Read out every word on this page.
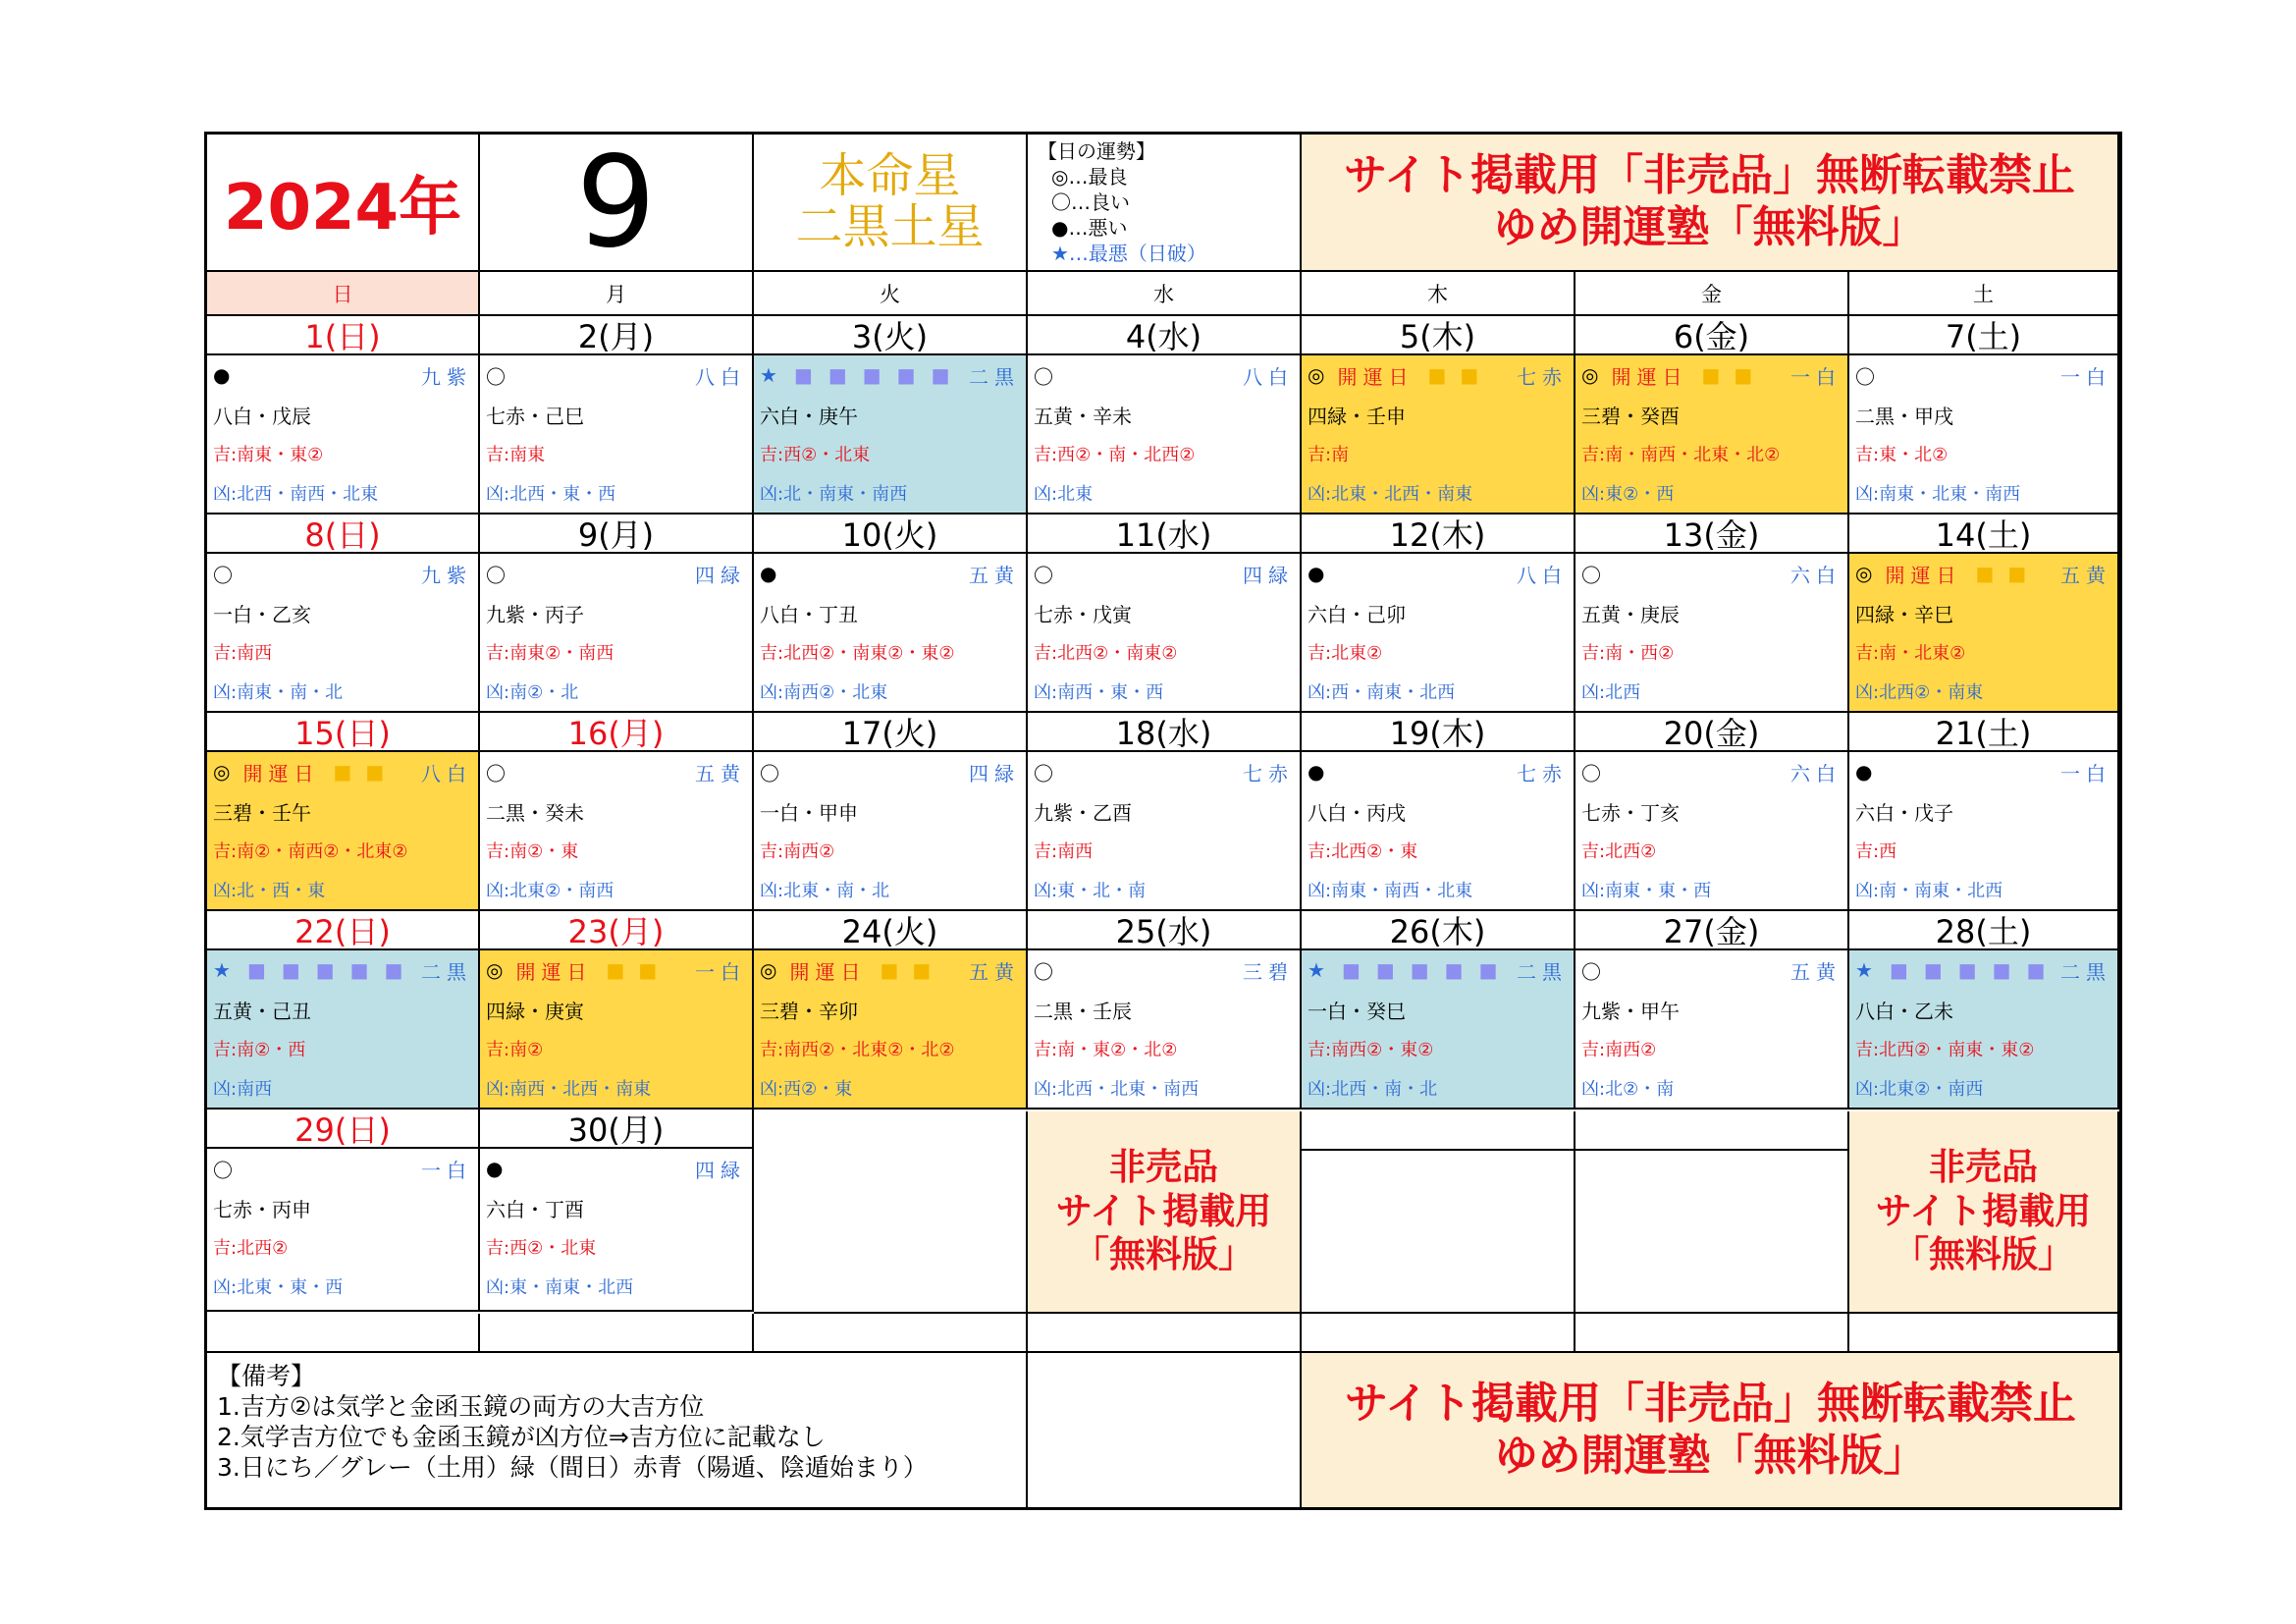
2024年 9	本命星
二黒土星
【日の運勢】
◎…最良
〇…良い
●…悪い
★…最悪（日破）
サイト掲載用「非売品」無断転載禁止
ゆめ開運塾「無料版」
日	月	火	水	木	金	土
1(日)	2(月)	3(火)	4(水)	5(木)	6(金)	7(土)
●	九紫
八白・戊辰
吉:南東・東②
凶:北西・南西・北東
〇	八白
七赤・己巳
吉:南東
凶:北西・東・西
★ ■ ■ ■ ■ ■ 二黒
六白・庚午
吉:西②・北東
凶:北・南東・南西
〇	八白
五黄・辛未
吉:西②・南・北西②
凶:北東
◎ 開運日 ■ ■ 七赤
四緑・壬申
吉:南
凶:北東・北西・南東
◎ 開運日 ■ ■ 一白
三碧・癸酉
吉:南・南西・北東・北②
凶:東②・西
〇	一白
二黒・甲戌
吉:東・北②
凶:南東・北東・南西
8(日)	9(月)	10(火)	11(水)	12(木)	13(金)	14(土)
〇	九紫
一白・乙亥
吉:南西
凶:南東・南・北
〇	四緑
九紫・丙子
吉:南東②・南西
凶:南②・北
●	五黄
八白・丁丑
吉:北西②・南東②・東②
凶:南西②・北東
〇	四緑
七赤・戊寅
吉:北西②・南東②
凶:南西・東・西
●	八白
六白・己卯
吉:北東②
凶:西・南東・北西
〇	六白
五黄・庚辰
吉:南・西②
凶:北西
◎ 開運日 ■ ■ 五黄
四緑・辛巳
吉:南・北東②
凶:北西②・南東
15(日)	16(月)	17(火)	18(水)	19(木)	20(金)	21(土)
◎ 開運日 ■ ■ 八白
三碧・壬午
吉:南②・南西②・北東②
凶:北・西・東
〇	五黄
二黒・癸未
吉:南②・東
凶:北東②・南西
〇	四緑
一白・甲申
吉:南西②
凶:北東・南・北
〇	七赤
九紫・乙酉
吉:南西
凶:東・北・南
●	七赤
八白・丙戌
吉:北西②・東
凶:南東・南西・北東
〇	六白
七赤・丁亥
吉:北西②
凶:南東・東・西
●	一白
六白・戊子
吉:西
凶:南・南東・北西
22(日)	23(月)	24(火)	25(水)	26(木)	27(金)	28(土)
★ ■ ■ ■ ■ ■ 二黒
五黄・己丑
吉:南②・西
凶:南西
◎ 開運日 ■ ■ 一白
四緑・庚寅
吉:南②
凶:南西・北西・南東
◎ 開運日 ■ ■ 五黄
三碧・辛卯
吉:南西②・北東②・北②
凶:西②・東
〇	三碧
二黒・壬辰
吉:南・東②・北②
凶:北西・北東・南西
★ ■ ■ ■ ■ ■ 二黒
一白・癸巳
吉:南西②・東②
凶:北西・南・北
〇	五黄
九紫・甲午
吉:南西②
凶:北②・南
★ ■ ■ ■ ■ ■ 二黒
八白・乙未
吉:北西②・南東・東②
凶:北東②・南西
29(日)	30(月)
〇	一白
七赤・丙申
吉:北西②
凶:北東・東・西
●	四緑
六白・丁酉
吉:西②・北東
凶:東・南東・北西
非売品
サイト掲載用
「無料版」
非売品
サイト掲載用
「無料版」
【備考】
1.吉方②は気学と金函玉鏡の両方の大吉方位
2.気学吉方位でも金函玉鏡が凶方位⇒吉方位に記載なし
3.日にち／グレー（土用）緑（間日）赤青（陽遁、陰遁始まり）
サイト掲載用「非売品」無断転載禁止
ゆめ開運塾「無料版」
